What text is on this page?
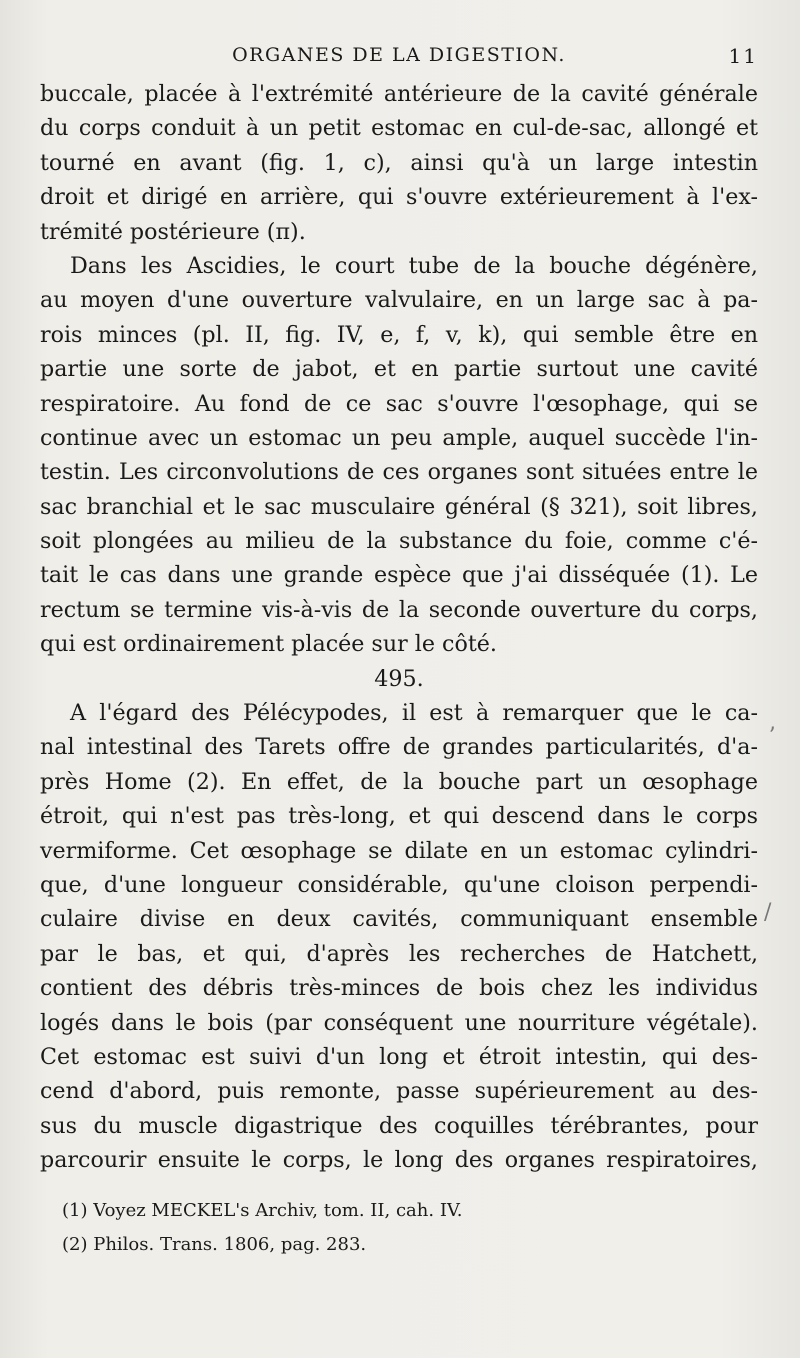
ORGANES DE LA DIGESTION.	11
buccale, placée à l'extrémité antérieure de la cavité générale
du corps conduit à un petit estomac en cul-de-sac, allongé et
tourné en avant (fig. 1, c), ainsi qu'à un large intestin
droit et dirigé en arrière, qui s'ouvre extérieurement à l'ex-
trémité postérieure (π).
Dans les Ascidies, le court tube de la bouche dégénère,
au moyen d'une ouverture valvulaire, en un large sac à pa-
rois minces (pl. II, fig. IV, e, f, v, k), qui semble être en
partie une sorte de jabot, et en partie surtout une cavité
respiratoire. Au fond de ce sac s'ouvre l'œsophage, qui se
continue avec un estomac un peu ample, auquel succède l'in-
testin. Les circonvolutions de ces organes sont situées entre le
sac branchial et le sac musculaire général (§ 321), soit libres,
soit plongées au milieu de la substance du foie, comme c'é-
tait le cas dans une grande espèce que j'ai disséquée (1). Le
rectum se termine vis-à-vis de la seconde ouverture du corps,
qui est ordinairement placée sur le côté.
495.
A l'égard des Pélécypodes, il est à remarquer que le ca-
nal intestinal des Tarets offre de grandes particularités, d'a-
près Home (2). En effet, de la bouche part un œsophage
étroit, qui n'est pas très-long, et qui descend dans le corps
vermiforme. Cet œsophage se dilate en un estomac cylindri-
que, d'une longueur considérable, qu'une cloison perpendi-
culaire divise en deux cavités, communiquant ensemble
par le bas, et qui, d'après les recherches de Hatchett,
contient des débris très-minces de bois chez les individus
logés dans le bois (par conséquent une nourriture végétale).
Cet estomac est suivi d'un long et étroit intestin, qui des-
cend d'abord, puis remonte, passe supérieurement au des-
sus du muscle digastrique des coquilles térébrantes, pour
parcourir ensuite le corps, le long des organes respiratoires,
(1) Voyez MECKEL's Archiv, tom. II, cah. IV.
(2) Philos. Trans. 1806, pag. 283.
ʼ
/
